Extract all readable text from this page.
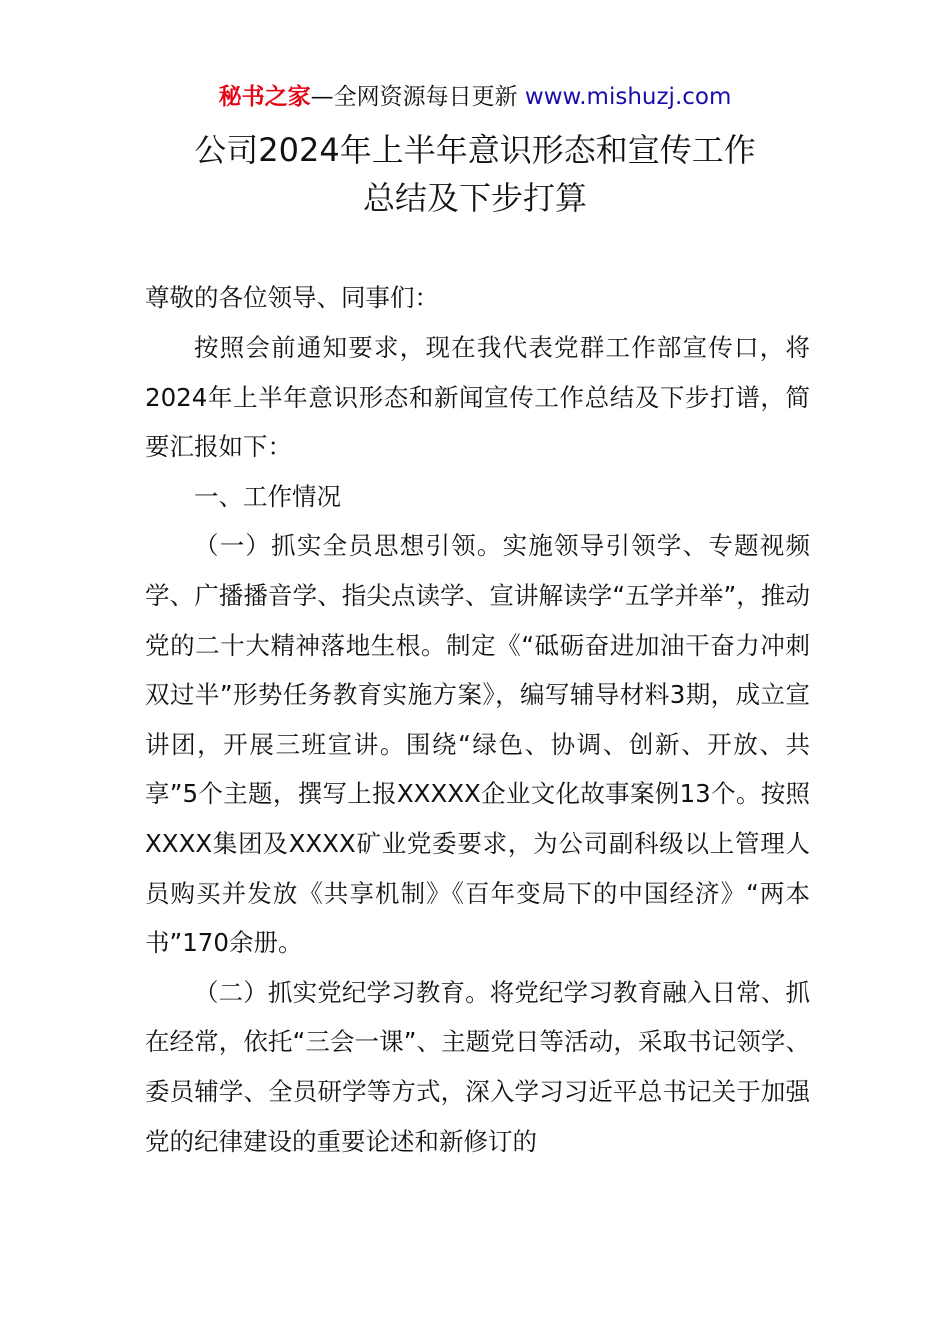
秘书之家—全网资源每日更新 www.mishuzj.com
公司2024年上半年意识形态和宣传工作
总结及下步打算

尊敬的各位领导、同事们：

按照会前通知要求，现在我代表党群工作部宣传口，将2024年上半年意识形态和新闻宣传工作总结及下步打谱，简要汇报如下：

一、工作情况

（一）抓实全员思想引领。实施领导引领学、专题视频学、广播播音学、指尖点读学、宣讲解读学“五学并举”，推动党的二十大精神落地生根。制定《“砥砺奋进加油干奋力冲刺双过半”形势任务教育实施方案》，编写辅导材料3期，成立宣讲团，开展三班宣讲。围绕“绿色、协调、创新、开放、共享”5个主题，撰写上报XXXXX企业文化故事案例13个。按照XXXX集团及XXXX矿业党委要求，为公司副科级以上管理人员购买并发放《共享机制》《百年变局下的中国经济》“两本书”170余册。

（二）抓实党纪学习教育。将党纪学习教育融入日常、抓在经常，依托“三会一课”、主题党日等活动，采取书记领学、委员辅学、全员研学等方式，深入学习习近平总书记关于加强党的纪律建设的重要论述和新修订的
